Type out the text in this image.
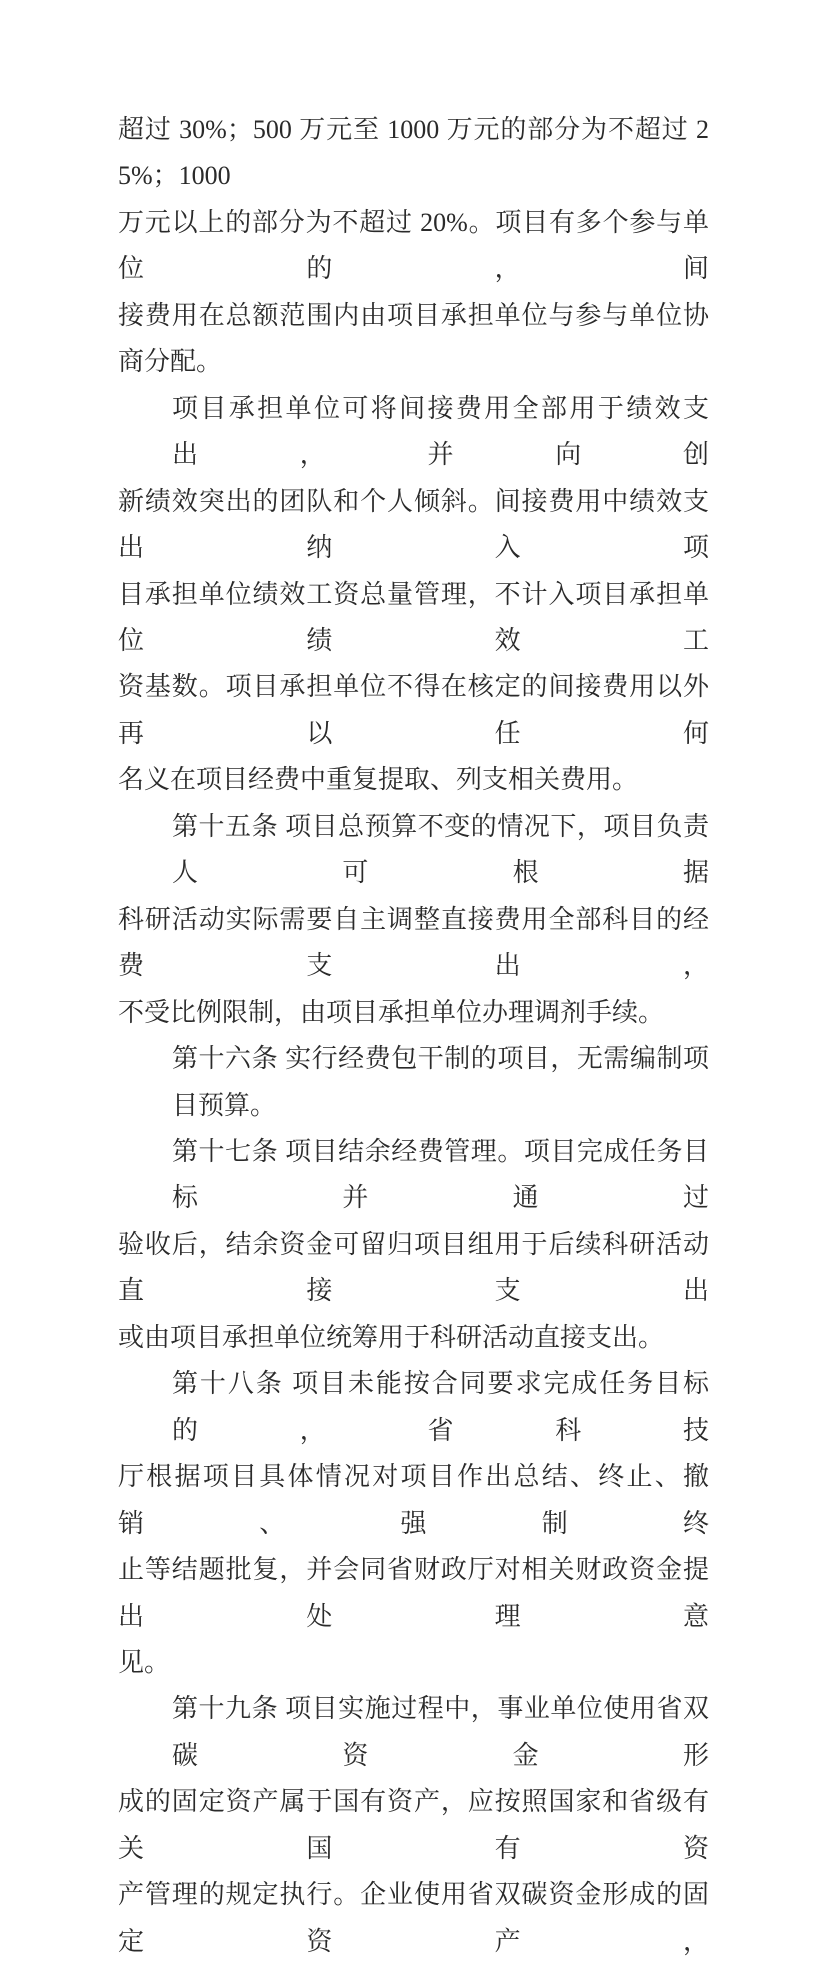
超过 30%；500 万元至 1000 万元的部分为不超过 25%；1000
万元以上的部分为不超过 20%。项目有多个参与单位的，间
接费用在总额范围内由项目承担单位与参与单位协商分配。
项目承担单位可将间接费用全部用于绩效支出，并向创
新绩效突出的团队和个人倾斜。间接费用中绩效支出纳入项
目承担单位绩效工资总量管理，不计入项目承担单位绩效工
资基数。项目承担单位不得在核定的间接费用以外再以任何
名义在项目经费中重复提取、列支相关费用。
第十五条 项目总预算不变的情况下，项目负责人可根据
科研活动实际需要自主调整直接费用全部科目的经费支出，
不受比例限制，由项目承担单位办理调剂手续。
第十六条 实行经费包干制的项目，无需编制项目预算。
第十七条 项目结余经费管理。项目完成任务目标并通过
验收后，结余资金可留归项目组用于后续科研活动直接支出
或由项目承担单位统筹用于科研活动直接支出。
第十八条 项目未能按合同要求完成任务目标的，省科技
厅根据项目具体情况对项目作出总结、终止、撤销、强制终
止等结题批复，并会同省财政厅对相关财政资金提出处理意
见。
第十九条 项目实施过程中，事业单位使用省双碳资金形
成的固定资产属于国有资产，应按照国家和省级有关国有资
产管理的规定执行。企业使用省双碳资金形成的固定资产，
